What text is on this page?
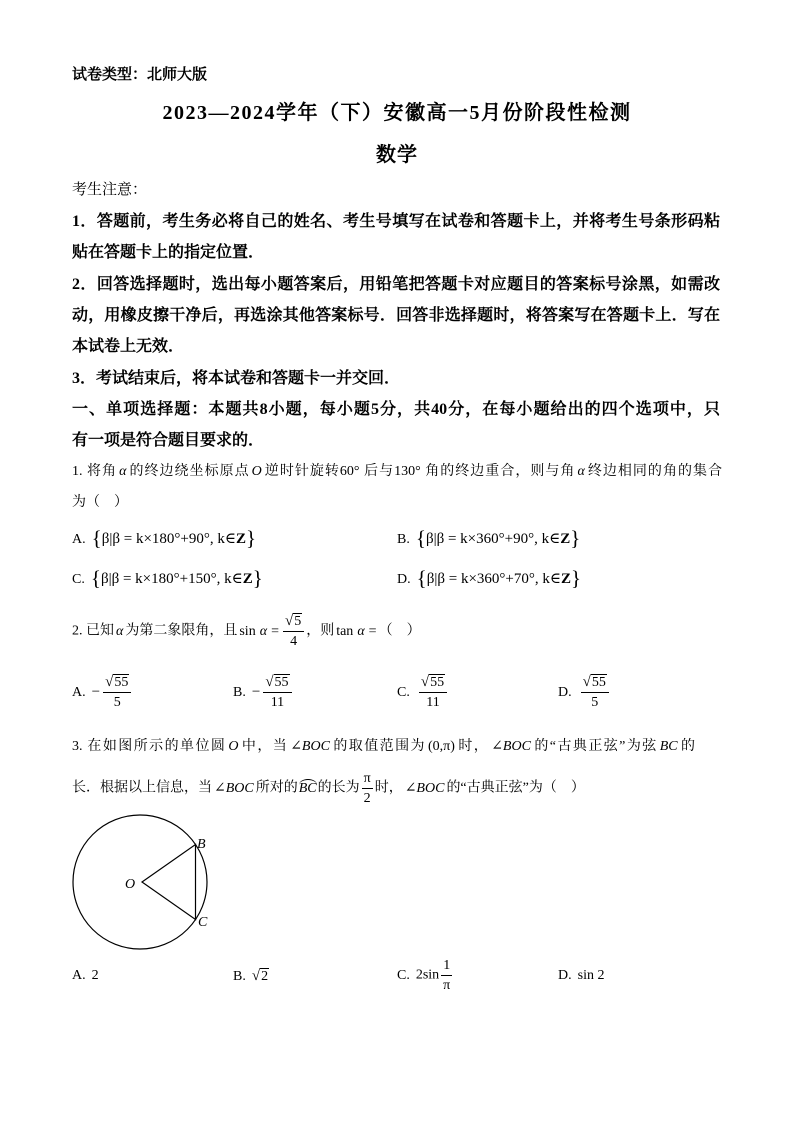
试卷类型：北师大版
2023—2024学年（下）安徽高一5月份阶段性检测
数学
考生注意：
1．答题前，考生务必将自己的姓名、考生号填写在试卷和答题卡上，并将考生号条形码粘
贴在答题卡上的指定位置．
2．回答选择题时，选出每小题答案后，用铅笔把答题卡对应题目的答案标号涂黑，如需改
动，用橡皮擦干净后，再选涂其他答案标号．回答非选择题时，将答案写在答题卡上．写在
本试卷上无效．
3．考试结束后，将本试卷和答题卡一并交回．
一、单项选择题：本题共8小题，每小题5分，共40分，在每小题给出的四个选项中，只
有一项是符合题目要求的．
1. 将角 α 的终边绕坐标原点 O 逆时针旋转60° 后与130° 角的终边重合，则与角 α 终边相同的角的集合
为（    ）
A. {β|β = k×180°+90°, k∈Z}	B. {β|β = k×360°+90°, k∈Z}
C. {β|β = k×180°+150°, k∈Z}	D. {β|β = k×360°+70°, k∈Z}
2. 已知 α 为第二象限角，且 $\sin \alpha = \frac{√5}{4}$ ，则 tan α = （    ）
A. − $\frac{√55}{5}$	B. − $\frac{√55}{11}$	C. $\frac{√55}{11}$	D. $\frac{√55}{5}$
3. 在如图所示的单位圆 O 中，当 ∠BOC 的取值范围为 (0,π) 时， ∠BOC 的“古典正弦”为弦 BC 的
长．根据以上信息，当 ∠BOC 所对的BC的长为 $\frac{\pi}{2}$ 时， ∠BOC 的“古典正弦”为（    ）
O
B
C
A. 2	B. √2	C. $2\sin \frac{1}{\pi}$	D. sin 2
